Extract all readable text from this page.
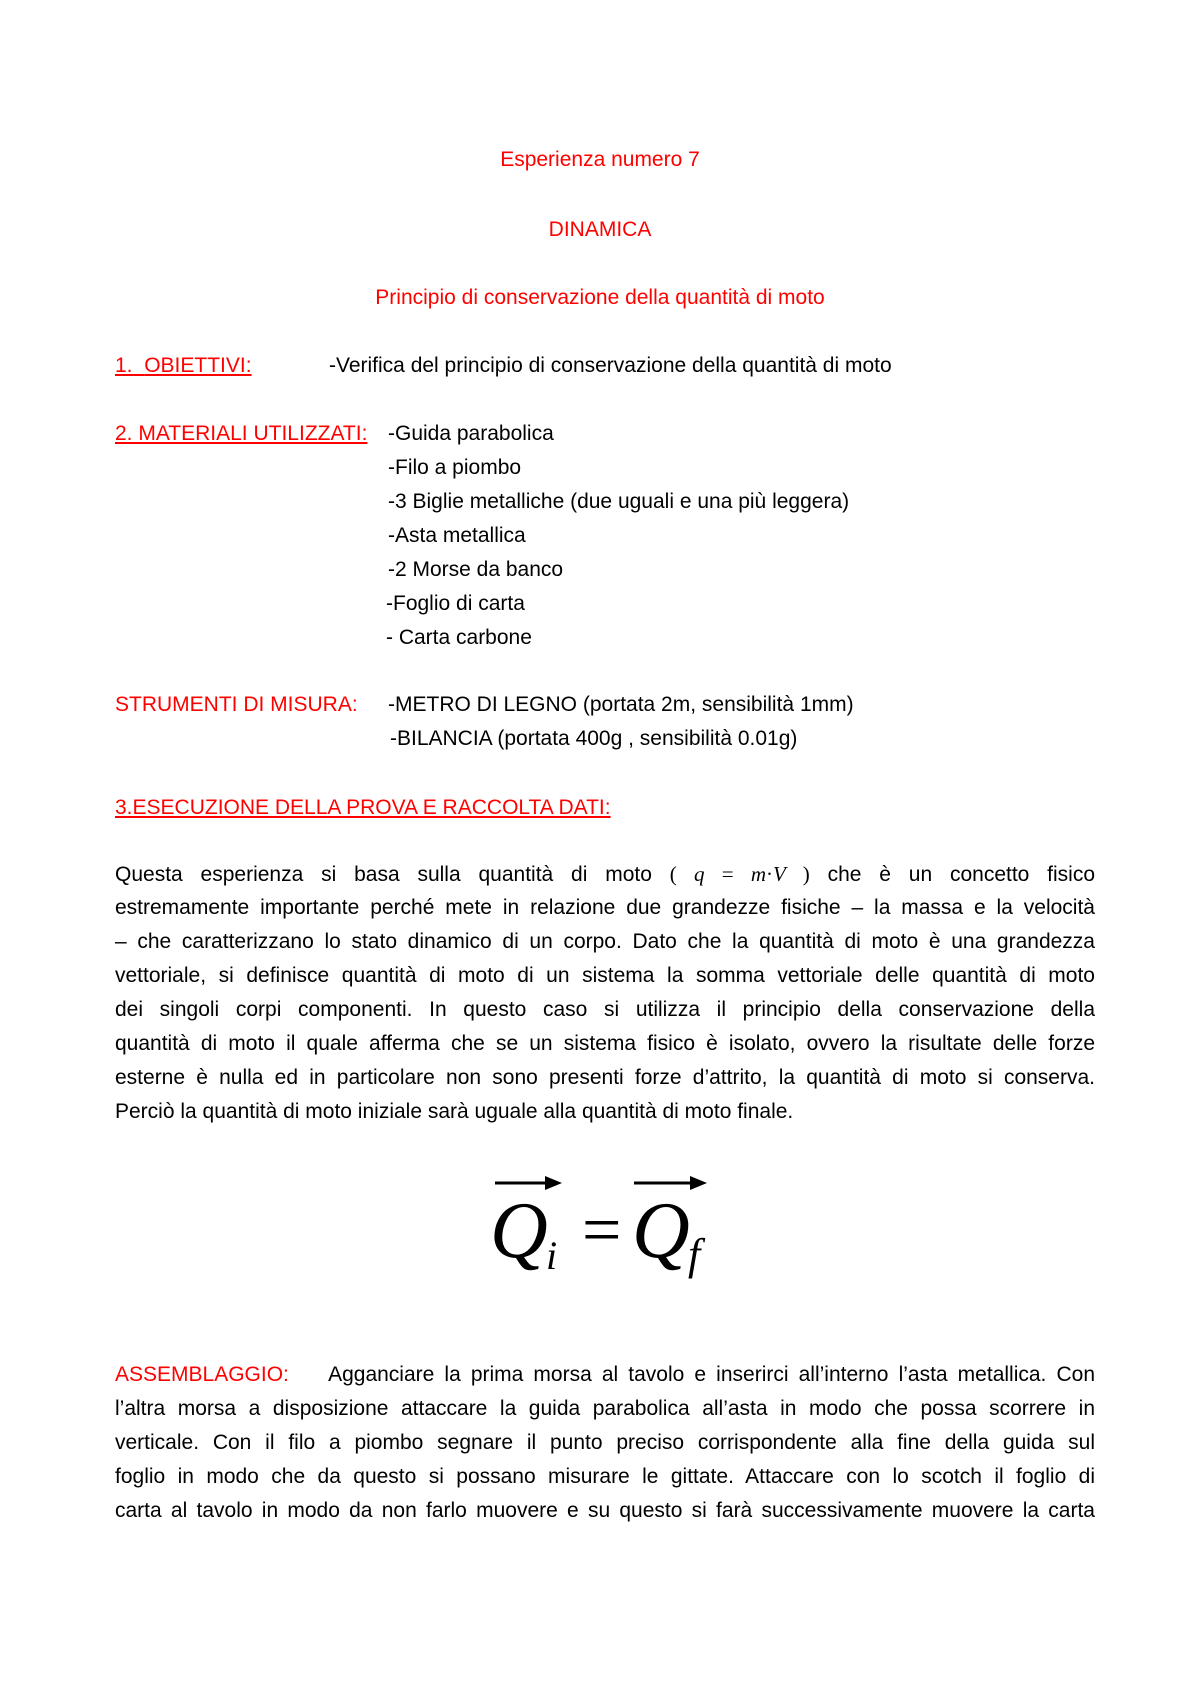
Esperienza numero 7
DINAMICA
Principio di conservazione della quantità di moto
1. OBIETTIVI:	-Verifica del principio di conservazione della quantità di moto
2. MATERIALI UTILIZZATI: -Guida parabolica
-Filo a piombo
-3 Biglie metalliche (due uguali e una più leggera)
-Asta metallica
-2 Morse da banco
-Foglio di carta
- Carta carbone
STRUMENTI DI MISURA: -METRO DI LEGNO (portata 2m, sensibilità 1mm)
-BILANCIA (portata 400g , sensibilità 0.01g)
3.ESECUZIONE DELLA PROVA E RACCOLTA DATI:
Questa esperienza si basa sulla quantità di moto ( q = m·V ) che è un concetto fisico
estremamente importante perché mete in relazione due grandezze fisiche – la massa e la velocità
– che caratterizzano lo stato dinamico di un corpo. Dato che la quantità di moto è una grandezza
vettoriale, si definisce quantità di moto di un sistema la somma vettoriale delle quantità di moto
dei singoli corpi componenti. In questo caso si utilizza il principio della conservazione della
quantità di moto il quale afferma che se un sistema fisico è isolato, ovvero la risultate delle forze
esterne è nulla ed in particolare non sono presenti forze d’attrito, la quantità di moto si conserva.
Perciò la quantità di moto iniziale sarà uguale alla quantità di moto finale.
Q
i = Q
f
ASSEMBLAGGIO: Agganciare la prima morsa al tavolo e inserirci all’interno l’asta metallica. Con
l’altra morsa a disposizione attaccare la guida parabolica all’asta in modo che possa scorrere in
verticale. Con il filo a piombo segnare il punto preciso corrispondente alla fine della guida sul
foglio in modo che da questo si possano misurare le gittate. Attaccare con lo scotch il foglio di
carta al tavolo in modo da non farlo muovere e su questo si farà successivamente muovere la carta
